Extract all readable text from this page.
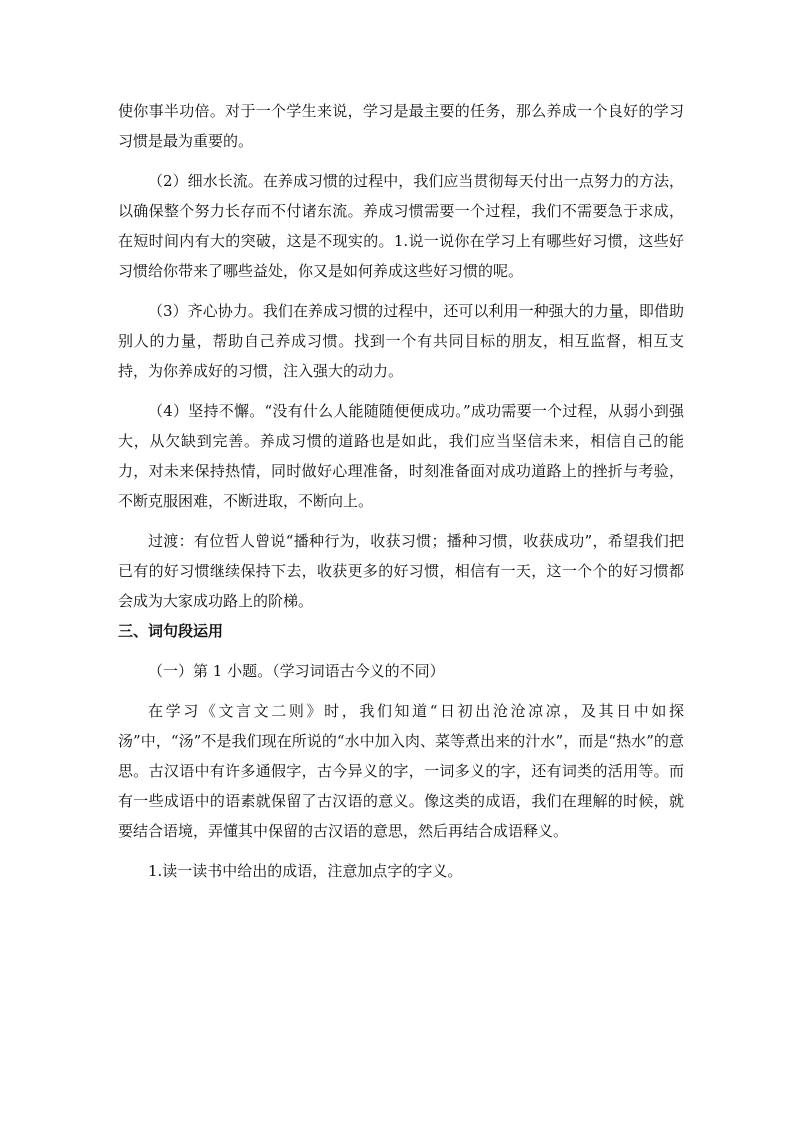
使你事半功倍。对于一个学生来说，学习是最主要的任务，那么养成一个良好的学习习惯是最为重要的。

（2）细水长流。在养成习惯的过程中，我们应当贯彻每天付出一点努力的方法，以确保整个努力长存而不付诸东流。养成习惯需要一个过程，我们不需要急于求成，在短时间内有大的突破，这是不现实的。1.说一说你在学习上有哪些好习惯，这些好习惯给你带来了哪些益处，你又是如何养成这些好习惯的呢。

（3）齐心协力。我们在养成习惯的过程中，还可以利用一种强大的力量，即借助别人的力量，帮助自己养成习惯。找到一个有共同目标的朋友，相互监督，相互支持，为你养成好的习惯，注入强大的动力。

（4）坚持不懈。“没有什么人能随随便便成功。”成功需要一个过程，从弱小到强大，从欠缺到完善。养成习惯的道路也是如此，我们应当坚信未来，相信自己的能力，对未来保持热情，同时做好心理准备，时刻准备面对成功道路上的挫折与考验，不断克服困难，不断进取，不断向上。

过渡：有位哲人曾说“播种行为，收获习惯；播种习惯，收获成功”，希望我们把已有的好习惯继续保持下去，收获更多的好习惯，相信有一天，这一个个的好习惯都会成为大家成功路上的阶梯。

三、词句段运用

（一）第 1 小题。（学习词语古今义的不同）

在学习《文言文二则》时，我们知道“日初出沧沧凉凉，及其日中如探汤”中，“汤”不是我们现在所说的“水中加入肉、菜等煮出来的汁水”，而是“热水”的意思。古汉语中有许多通假字，古今异义的字，一词多义的字，还有词类的活用等。而有一些成语中的语素就保留了古汉语的意义。像这类的成语，我们在理解的时候，就要结合语境，弄懂其中保留的古汉语的意思，然后再结合成语释义。

1.读一读书中给出的成语，注意加点字的字义。
